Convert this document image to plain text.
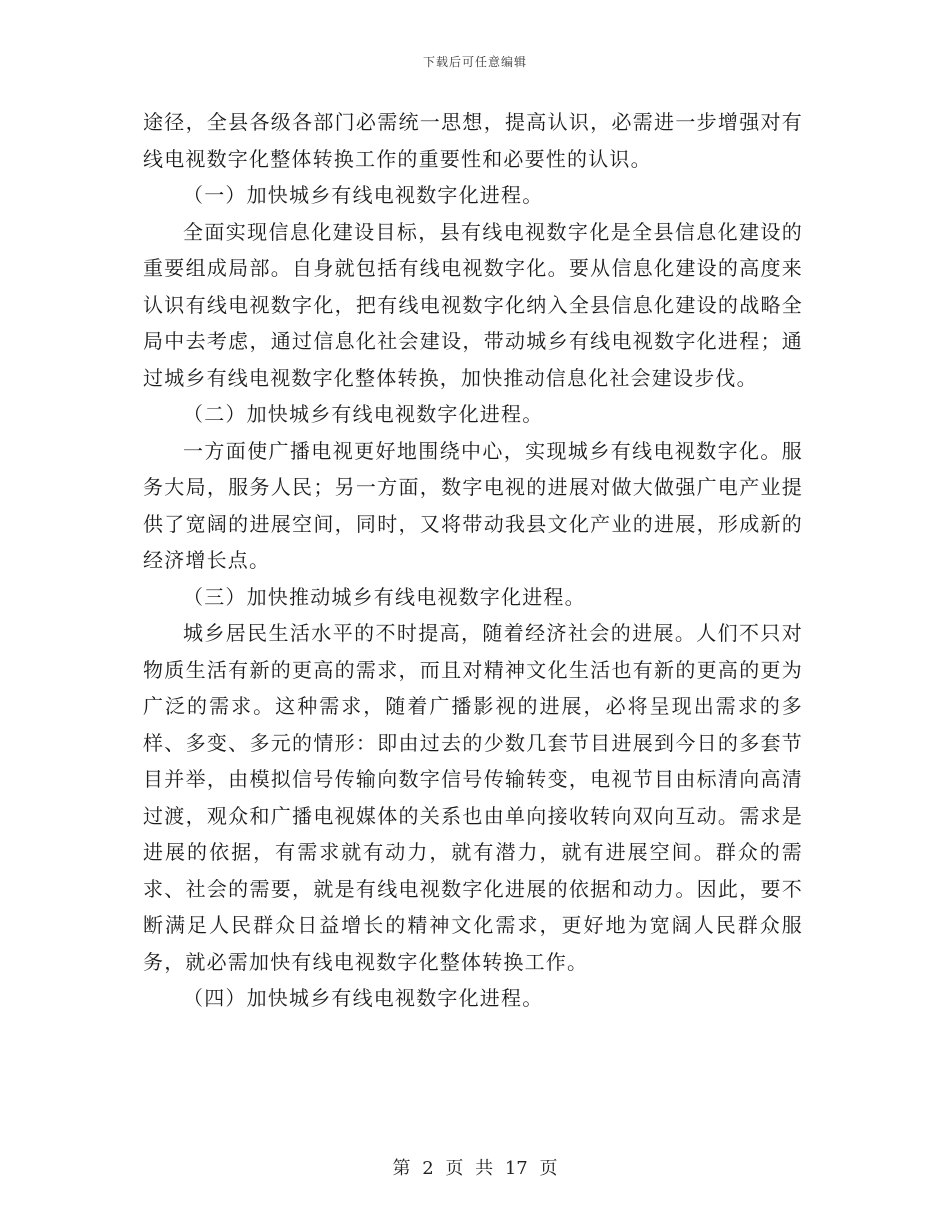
下载后可任意编辑

途径，全县各级各部门必需统一思想，提高认识，必需进一步增强对有线电视数字化整体转换工作的重要性和必要性的认识。

（一）加快城乡有线电视数字化进程。

全面实现信息化建设目标，县有线电视数字化是全县信息化建设的重要组成局部。自身就包括有线电视数字化。要从信息化建设的高度来认识有线电视数字化，把有线电视数字化纳入全县信息化建设的战略全局中去考虑，通过信息化社会建设，带动城乡有线电视数字化进程；通过城乡有线电视数字化整体转换，加快推动信息化社会建设步伐。

（二）加快城乡有线电视数字化进程。

一方面使广播电视更好地围绕中心，实现城乡有线电视数字化。服务大局，服务人民；另一方面，数字电视的进展对做大做强广电产业提供了宽阔的进展空间，同时，又将带动我县文化产业的进展，形成新的经济增长点。

（三）加快推动城乡有线电视数字化进程。

城乡居民生活水平的不时提高，随着经济社会的进展。人们不只对物质生活有新的更高的需求，而且对精神文化生活也有新的更高的更为广泛的需求。这种需求，随着广播影视的进展，必将呈现出需求的多样、多变、多元的情形：即由过去的少数几套节目进展到今日的多套节目并举，由模拟信号传输向数字信号传输转变，电视节目由标清向高清过渡，观众和广播电视媒体的关系也由单向接收转向双向互动。需求是进展的依据，有需求就有动力，就有潜力，就有进展空间。群众的需求、社会的需要，就是有线电视数字化进展的依据和动力。因此，要不断满足人民群众日益增长的精神文化需求，更好地为宽阔人民群众服务，就必需加快有线电视数字化整体转换工作。

（四）加快城乡有线电视数字化进程。

第 2 页 共 17 页
